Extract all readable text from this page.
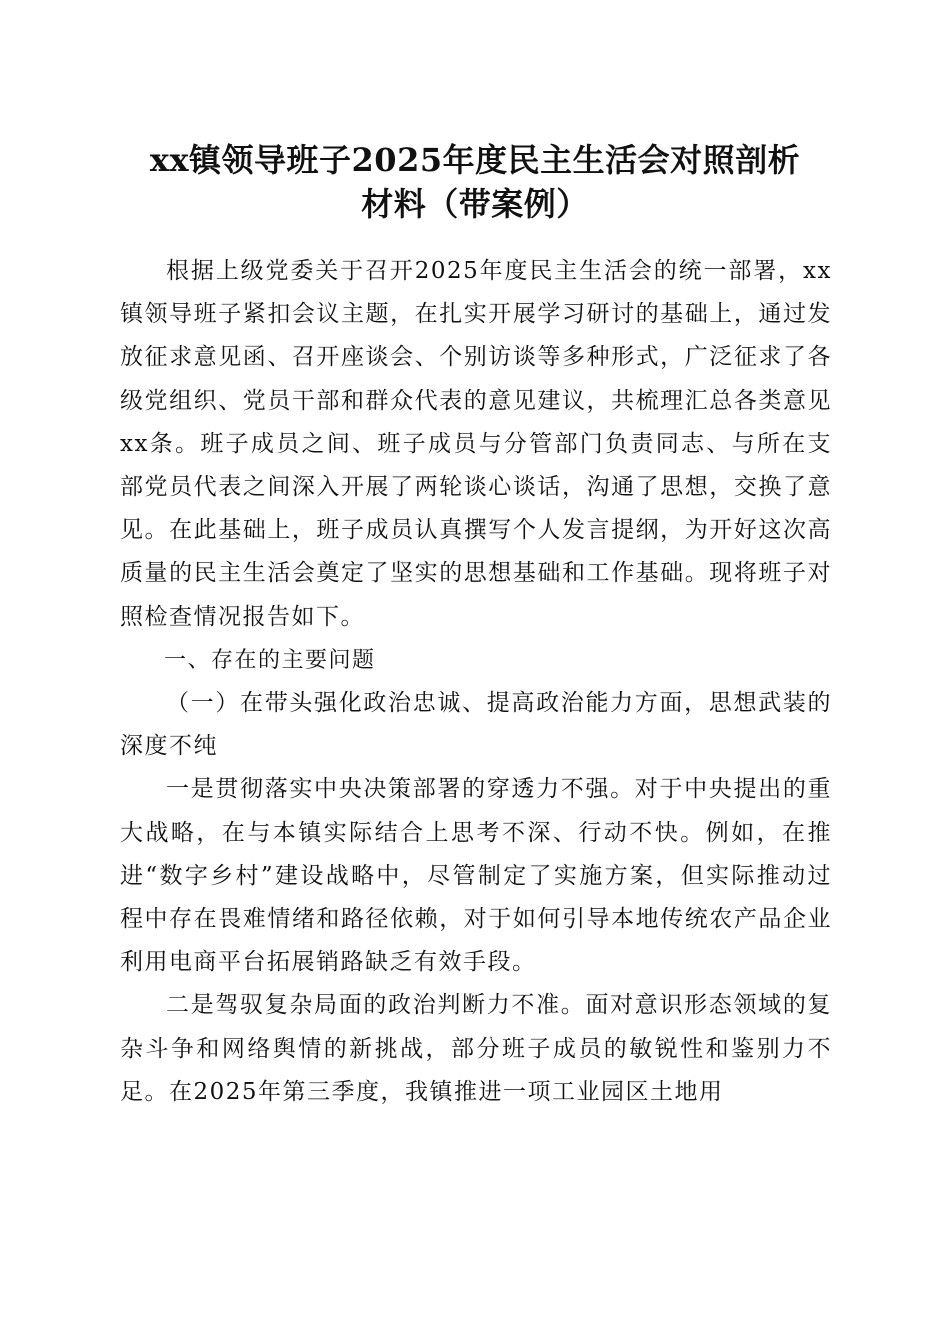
xx镇领导班子2025年度民主生活会对照剖析
材料（带案例）

根据上级党委关于召开2025年度民主生活会的统一部署，xx镇领导班子紧扣会议主题，在扎实开展学习研讨的基础上，通过发放征求意见函、召开座谈会、个别访谈等多种形式，广泛征求了各级党组织、党员干部和群众代表的意见建议，共梳理汇总各类意见xx条。班子成员之间、班子成员与分管部门负责同志、与所在支部党员代表之间深入开展了两轮谈心谈话，沟通了思想，交换了意见。在此基础上，班子成员认真撰写个人发言提纲，为开好这次高质量的民主生活会奠定了坚实的思想基础和工作基础。现将班子对照检查情况报告如下。

一、存在的主要问题

（一）在带头强化政治忠诚、提高政治能力方面，思想武装的深度不纯

一是贯彻落实中央决策部署的穿透力不强。对于中央提出的重大战略，在与本镇实际结合上思考不深、行动不快。例如，在推进“数字乡村”建设战略中，尽管制定了实施方案，但实际推动过程中存在畏难情绪和路径依赖，对于如何引导本地传统农产品企业利用电商平台拓展销路缺乏有效手段。

二是驾驭复杂局面的政治判断力不准。面对意识形态领域的复杂斗争和网络舆情的新挑战，部分班子成员的敏锐性和鉴别力不足。在2025年第三季度，我镇推进一项工业园区土地用
